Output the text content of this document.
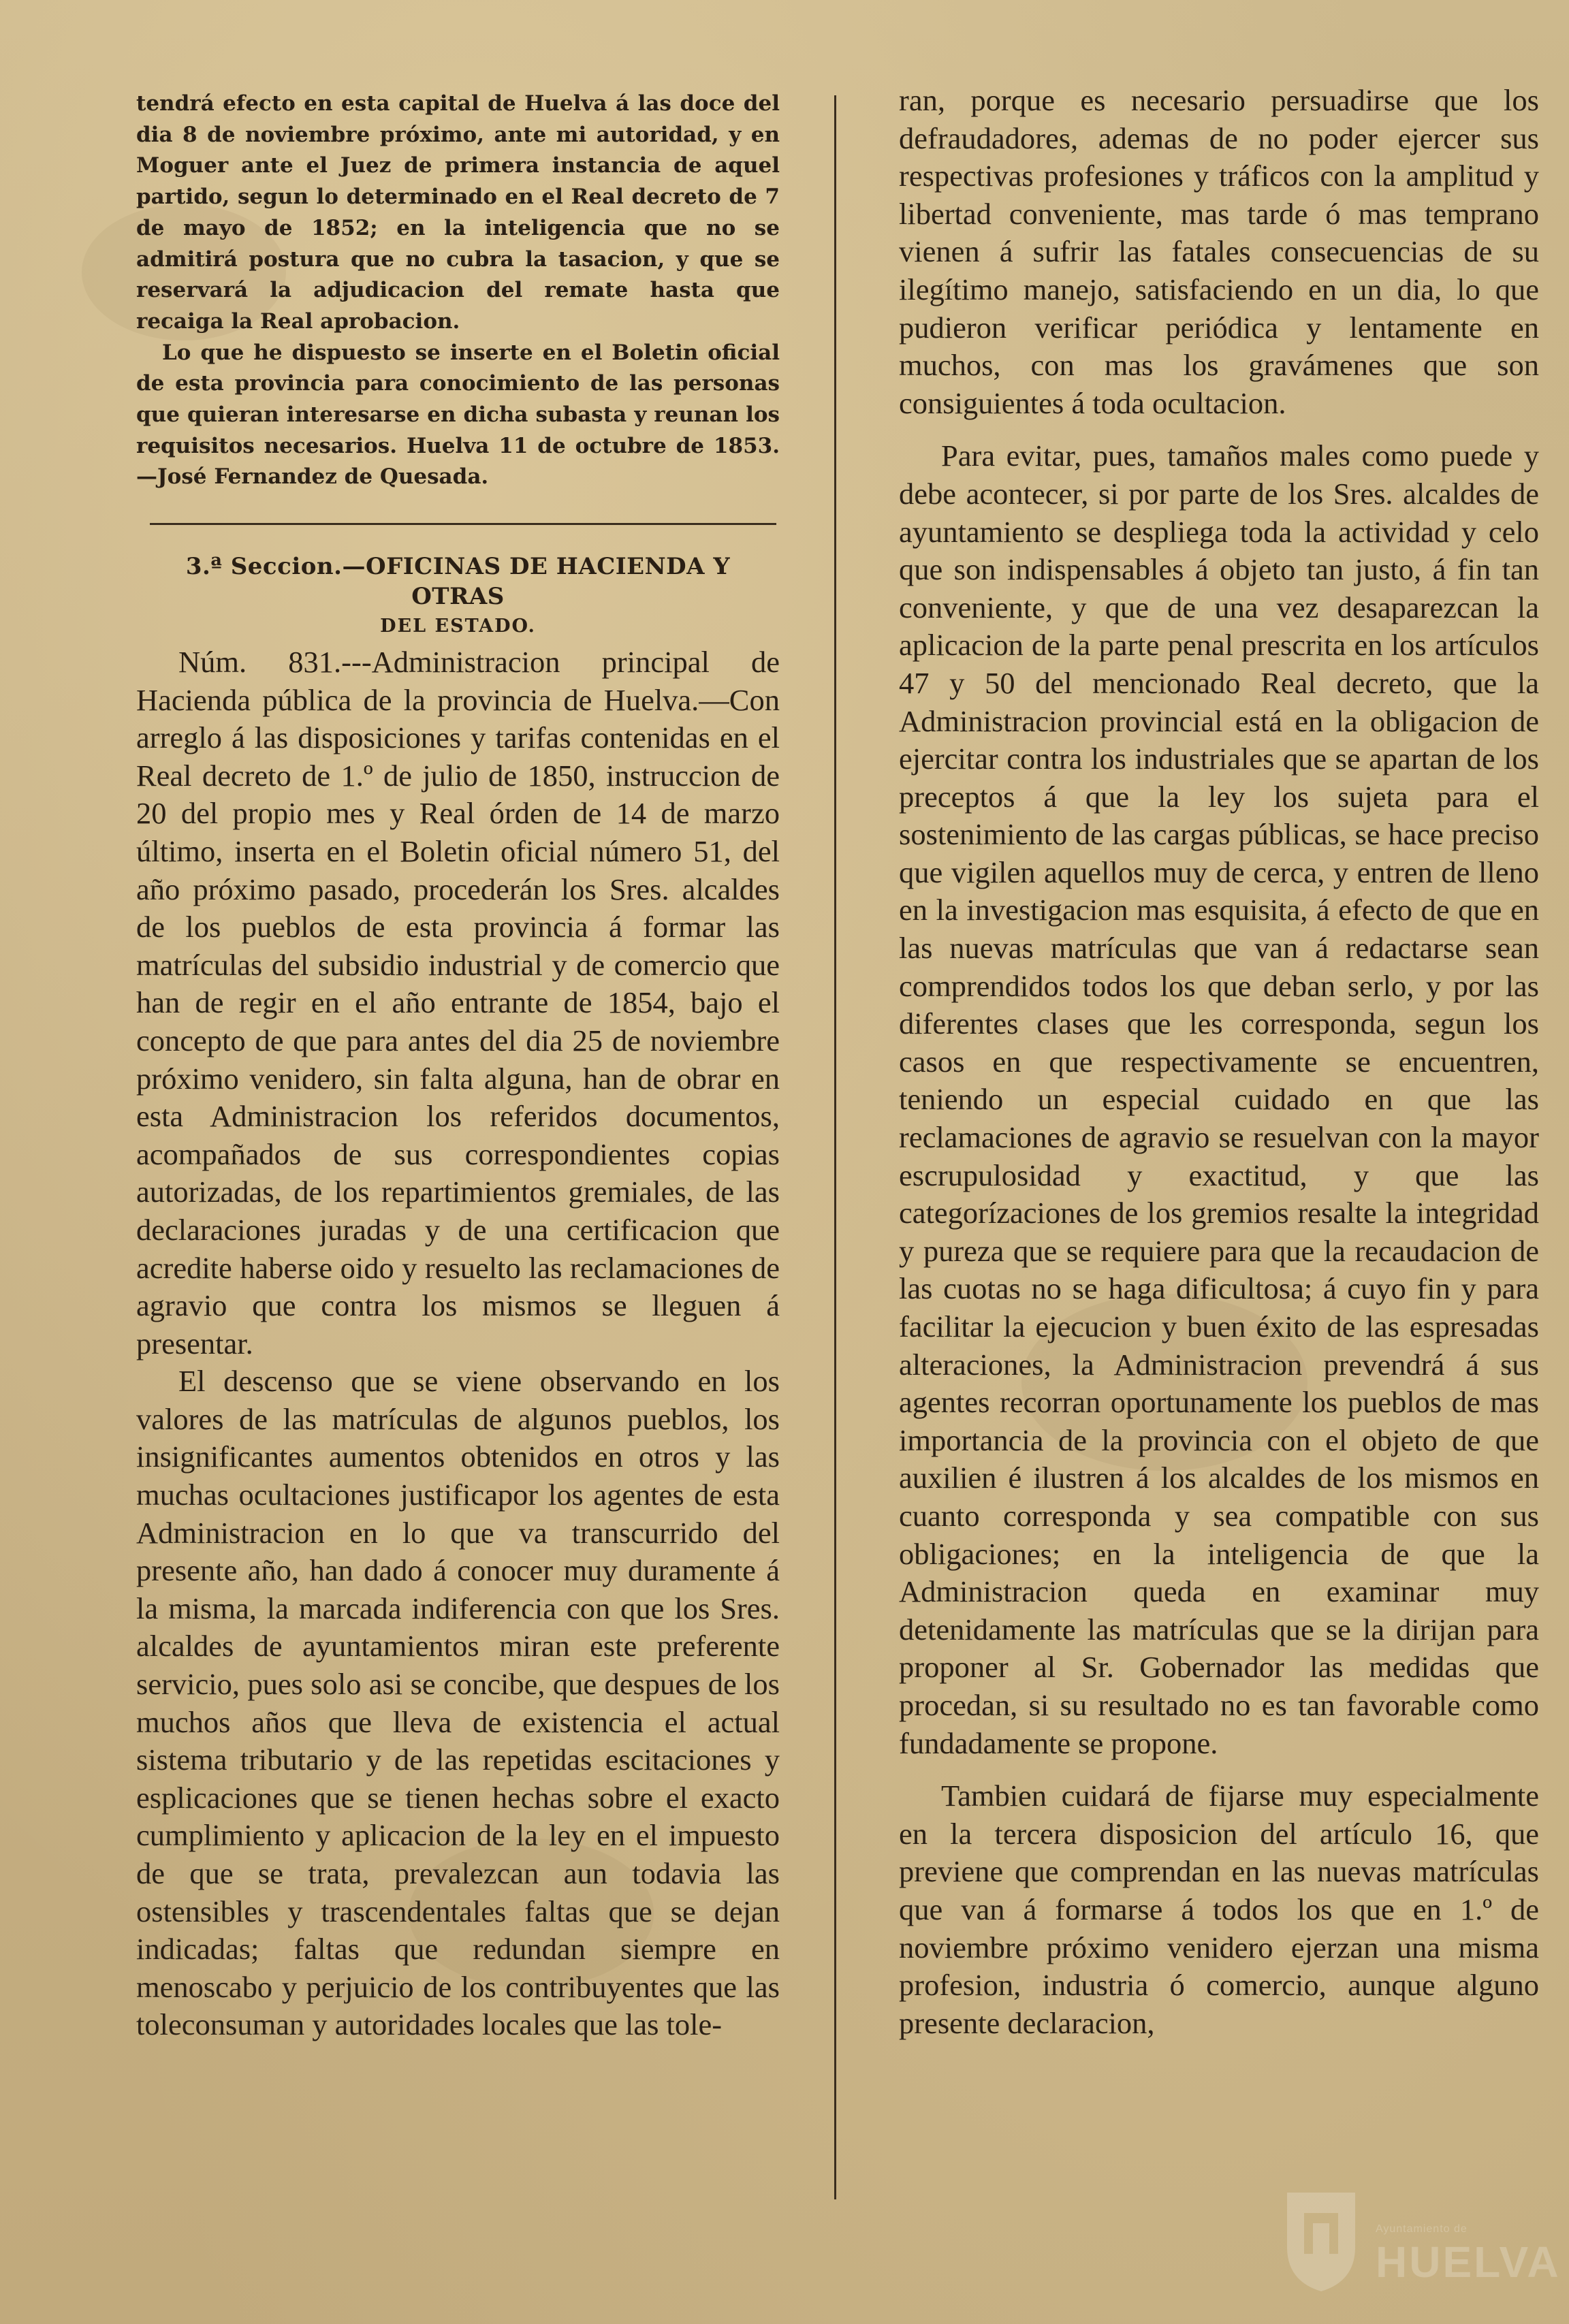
tendrá efecto en esta capital de Huelva á las doce del dia 8 de noviembre próximo, ante mi autoridad, y en Moguer ante el Juez de primera instancia de aquel partido, segun lo determinado en el Real decreto de 7 de mayo de 1852; en la inteligencia que no se admitirá postura que no cubra la tasacion, y que se reservará la adjudicacion del remate hasta que recaiga la Real aprobacion.

Lo que he dispuesto se inserte en el Boletin oficial de esta provincia para conocimiento de las personas que quieran interesarse en dicha subasta y reunan los requisitos necesarios. Huelva 11 de octubre de 1853.—José Fernandez de Quesada.

3.ª Seccion.—OFICINAS DE HACIENDA Y OTRAS
DEL ESTADO.

Núm. 831.---Administracion principal de Hacienda pública de la provincia de Huelva.—Con arreglo á las disposiciones y tarifas contenidas en el Real decreto de 1.º de julio de 1850, instruccion de 20 del propio mes y Real órden de 14 de marzo último, inserta en el Boletin oficial número 51, del año próximo pasado, procederán los Sres. alcaldes de los pueblos de esta provincia á formar las matrículas del subsidio industrial y de comercio que han de regir en el año entrante de 1854, bajo el concepto de que para antes del dia 25 de noviembre próximo venidero, sin falta alguna, han de obrar en esta Administracion los referidos documentos, acompañados de sus correspondientes copias autorizadas, de los repartimientos gremiales, de las declaraciones juradas y de una certificacion que acredite haberse oido y resuelto las reclamaciones de agravio que contra los mismos se lleguen á presentar.

El descenso que se viene observando en los valores de las matrículas de algunos pueblos, los insignificantes aumentos obtenidos en otros y las muchas ocultaciones justificapor los agentes de esta Administracion en lo que va transcurrido del presente año, han dado á conocer muy duramente á la misma, la marcada indiferencia con que los Sres. alcaldes de ayuntamientos miran este preferente servicio, pues solo asi se concibe, que despues de los muchos años que lleva de existencia el actual sistema tributario y de las repetidas escitaciones y esplicaciones que se tienen hechas sobre el exacto cumplimiento y aplicacion de la ley en el impuesto de que se trata, prevalezcan aun todavia las ostensibles y trascendentales faltas que se dejan indicadas; faltas que redundan siempre en menoscabo y perjuicio de los contribuyentes que las toleconsuman y autoridades locales que las tole-

ran, porque es necesario persuadirse que los defraudadores, ademas de no poder ejercer sus respectivas profesiones y tráficos con la amplitud y libertad conveniente, mas tarde ó mas temprano vienen á sufrir las fatales consecuencias de su ilegítimo manejo, satisfaciendo en un dia, lo que pudieron verificar periódica y lentamente en muchos, con mas los gravámenes que son consiguientes á toda ocultacion.

Para evitar, pues, tamaños males como puede y debe acontecer, si por parte de los Sres. alcaldes de ayuntamiento se despliega toda la actividad y celo que son indispensables á objeto tan justo, á fin tan conveniente, y que de una vez desaparezcan la aplicacion de la parte penal prescrita en los artículos 47 y 50 del mencionado Real decreto, que la Administracion provincial está en la obligacion de ejercitar contra los industriales que se apartan de los preceptos á que la ley los sujeta para el sostenimiento de las cargas públicas, se hace preciso que vigilen aquellos muy de cerca, y entren de lleno en la investigacion mas esquisita, á efecto de que en las nuevas matrículas que van á redactarse sean comprendidos todos los que deban serlo, y por las diferentes clases que les corresponda, segun los casos en que respectivamente se encuentren, teniendo un especial cuidado en que las reclamaciones de agravio se resuelvan con la mayor escrupulosidad y exactitud, y que las categorízaciones de los gremios resalte la integridad y pureza que se requiere para que la recaudacion de las cuotas no se haga dificultosa; á cuyo fin y para facilitar la ejecucion y buen éxito de las espresadas alteraciones, la Administracion prevendrá á sus agentes recorran oportunamente los pueblos de mas importancia de la provincia con el objeto de que auxilien é ilustren á los alcaldes de los mismos en cuanto corresponda y sea compatible con sus obligaciones; en la inteligencia de que la Administracion queda en examinar muy detenidamente las matrículas que se la dirijan para proponer al Sr. Gobernador las medidas que procedan, si su resultado no es tan favorable como fundadamente se propone.

Tambien cuidará de fijarse muy especialmente en la tercera disposicion del artículo 16, que previene que comprendan en las nuevas matrículas que van á formarse á todos los que en 1.º de noviembre próximo venidero ejerzan una misma profesion, industria ó comercio, aunque alguno presente declaracion,

Ayuntamiento de
HUELVA
